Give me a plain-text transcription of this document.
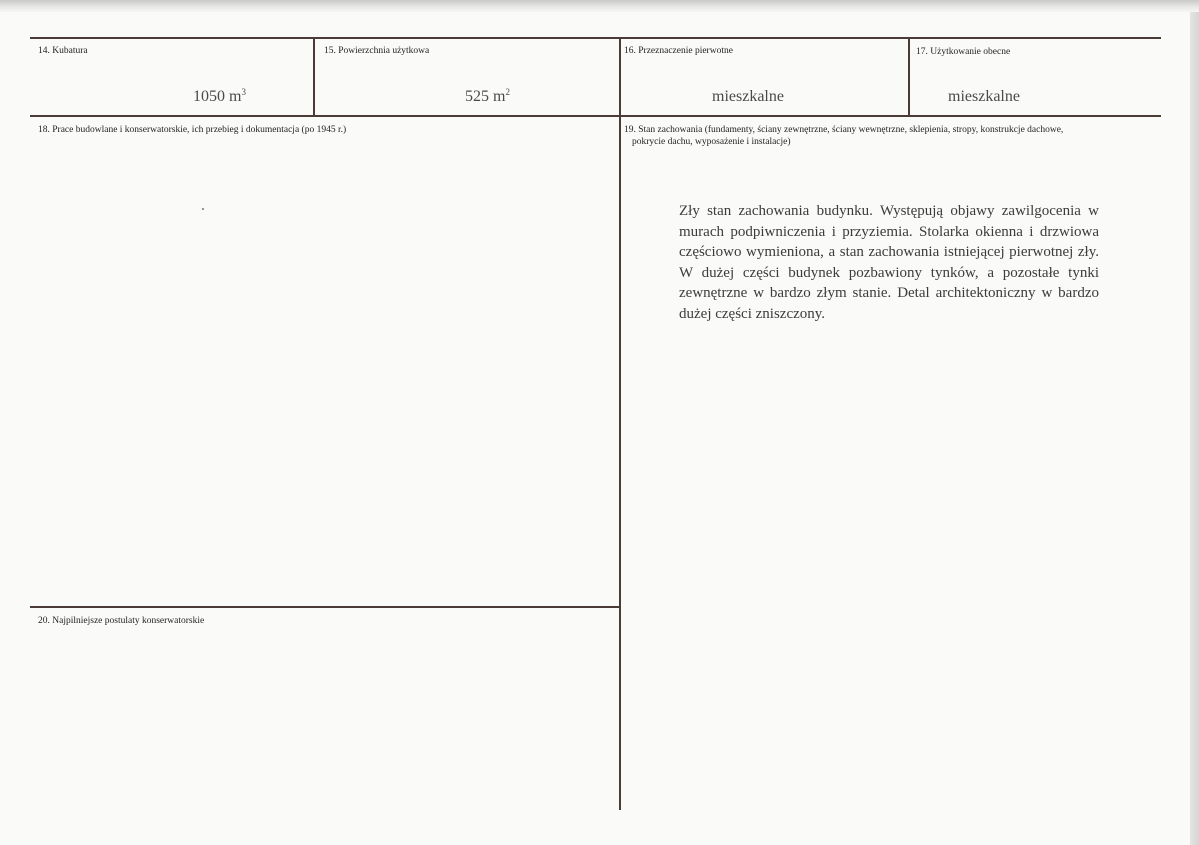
14. Kubatura
1050 $m^3$
15. Powierzchnia użytkowa
525 $m^2$
16. Przeznaczenie pierwotne
mieszkalne
17. Użytkowanie obecne
mieszkalne
18. Prace budowlane i konserwatorskie, ich przebieg i dokumentacja (po 1945 r.)	19. Stan zachowania (fundamenty, ściany zewnętrzne, ściany wewnętrzne, sklepienia, stropy, konstrukcje dachowe,
pokrycie dachu, wyposażenie i instalacje)
Zły stan zachowania budynku. Występują objawy zawilgocenia w murach podpiwniczenia i przyziemia. Stolarka okienna i drzwiowa częściowo wymieniona, a stan zachowania istniejącej pierwotnej zły. W dużej części budynek pozbawiony tynków, a pozostałe tynki zewnętrzne w bardzo złym stanie. Detal architektoniczny w bardzo dużej części zniszczony.
20. Najpilniejsze postulaty konserwatorskie
